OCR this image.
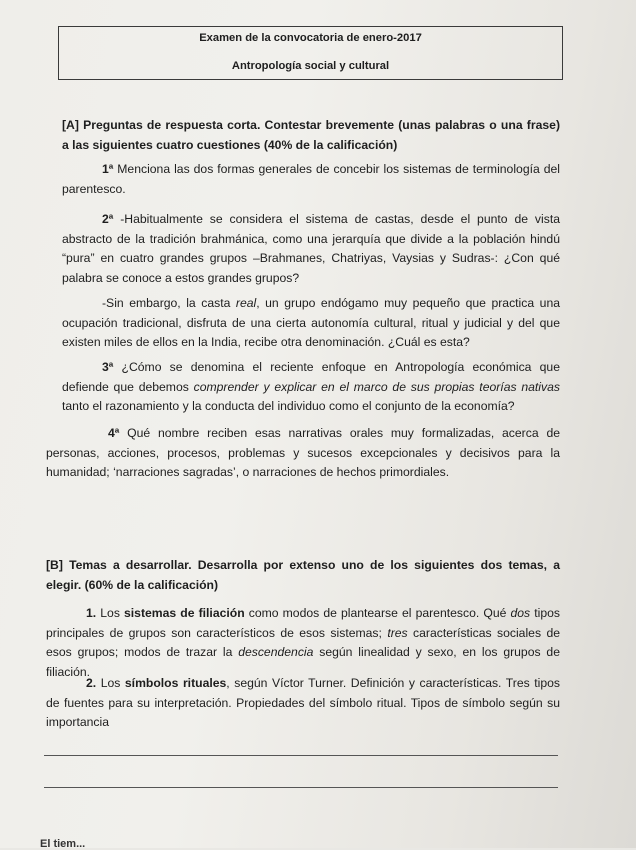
Examen de la convocatoria de enero-2017
Antropología social y cultural
[A] Preguntas de respuesta corta. Contestar brevemente (unas palabras o una frase) a las siguientes cuatro cuestiones (40% de la calificación)
1ª Menciona las dos formas generales de concebir los sistemas de terminología del parentesco.
2ª -Habitualmente se considera el sistema de castas, desde el punto de vista abstracto de la tradición brahmánica, como una jerarquía que divide a la población hindú “pura” en cuatro grandes grupos –Brahmanes, Chatriyas, Vaysias y Sudras-: ¿Con qué palabra se conoce a estos grandes grupos?
-Sin embargo, la casta real, un grupo endógamo muy pequeño que practica una ocupación tradicional, disfruta de una cierta autonomía cultural, ritual y judicial y del que existen miles de ellos en la India, recibe otra denominación. ¿Cuál es esta?
3ª ¿Cómo se denomina el reciente enfoque en Antropología económica que defiende que debemos comprender y explicar en el marco de sus propias teorías nativas tanto el razonamiento y la conducta del individuo como el conjunto de la economía?
4ª Qué nombre reciben esas narrativas orales muy formalizadas, acerca de personas, acciones, procesos, problemas y sucesos excepcionales y decisivos para la humanidad; ‘narraciones sagradas’, o narraciones de hechos primordiales.
[B] Temas a desarrollar. Desarrolla por extenso uno de los siguientes dos temas, a elegir. (60% de la calificación)
1. Los sistemas de filiación como modos de plantearse el parentesco. Qué dos tipos principales de grupos son característicos de esos sistemas; tres características sociales de esos grupos; modos de trazar la descendencia según linealidad y sexo, en los grupos de filiación.
2. Los símbolos rituales, según Víctor Turner. Definición y características. Tres tipos de fuentes para su interpretación. Propiedades del símbolo ritual. Tipos de símbolo según su importancia
El tiem...
